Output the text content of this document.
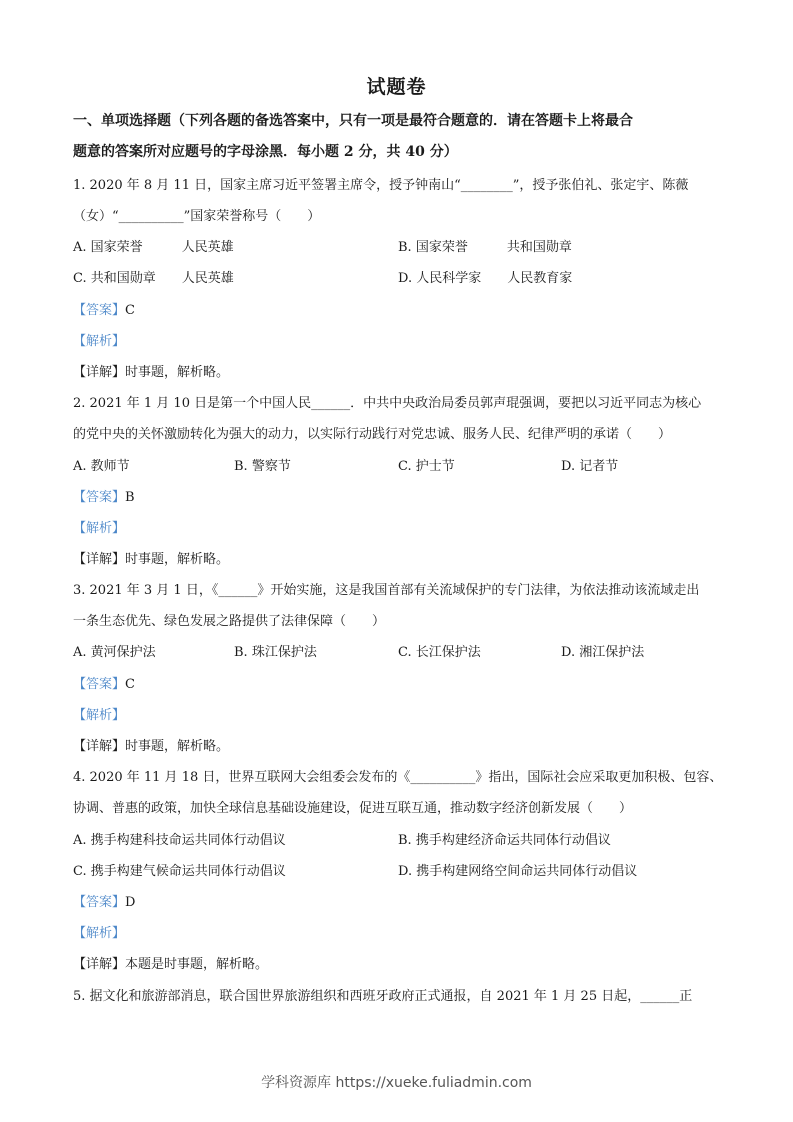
试题卷
一、单项选择题（下列各题的备选答案中，只有一项是最符合题意的．请在答题卡上将最合
题意的答案所对应题号的字母涂黑．每小题 2 分，共 40 分）
1. 2020 年 8 月 11 日，国家主席习近平签署主席令，授予钟南山“________”，授予张伯礼、张定宇、陈薇
（女）“__________”国家荣誉称号（　　）
A. 国家荣誉　　　人民英雄	B. 国家荣誉　　　共和国勋章
C. 共和国勋章　　人民英雄	D. 人民科学家　　人民教育家
【答案】C
【解析】
【详解】时事题，解析略。
2. 2021 年 1 月 10 日是第一个中国人民______．中共中央政治局委员郭声琨强调，要把以习近平同志为核心
的党中央的关怀激励转化为强大的动力，以实际行动践行对党忠诚、服务人民、纪律严明的承诺（　　）
A. 教师节	B. 警察节	C. 护士节	D. 记者节
【答案】B
【解析】
【详解】时事题，解析略。
3. 2021 年 3 月 1 日，《______》开始实施，这是我国首部有关流域保护的专门法律，为依法推动该流域走出
一条生态优先、绿色发展之路提供了法律保障（　　）
A. 黄河保护法	B. 珠江保护法	C. 长江保护法	D. 湘江保护法
【答案】C
【解析】
【详解】时事题，解析略。
4. 2020 年 11 月 18 日，世界互联网大会组委会发布的《__________》指出，国际社会应采取更加积极、包容、
协调、普惠的政策，加快全球信息基础设施建设，促进互联互通，推动数字经济创新发展（　　）
A. 携手构建科技命运共同体行动倡议	B. 携手构建经济命运共同体行动倡议
C. 携手构建气候命运共同体行动倡议	D. 携手构建网络空间命运共同体行动倡议
【答案】D
【解析】
【详解】本题是时事题，解析略。
5. 据文化和旅游部消息，联合国世界旅游组织和西班牙政府正式通报，自 2021 年 1 月 25 日起，______正
学科资源库 https://xueke.fuliadmin.com
